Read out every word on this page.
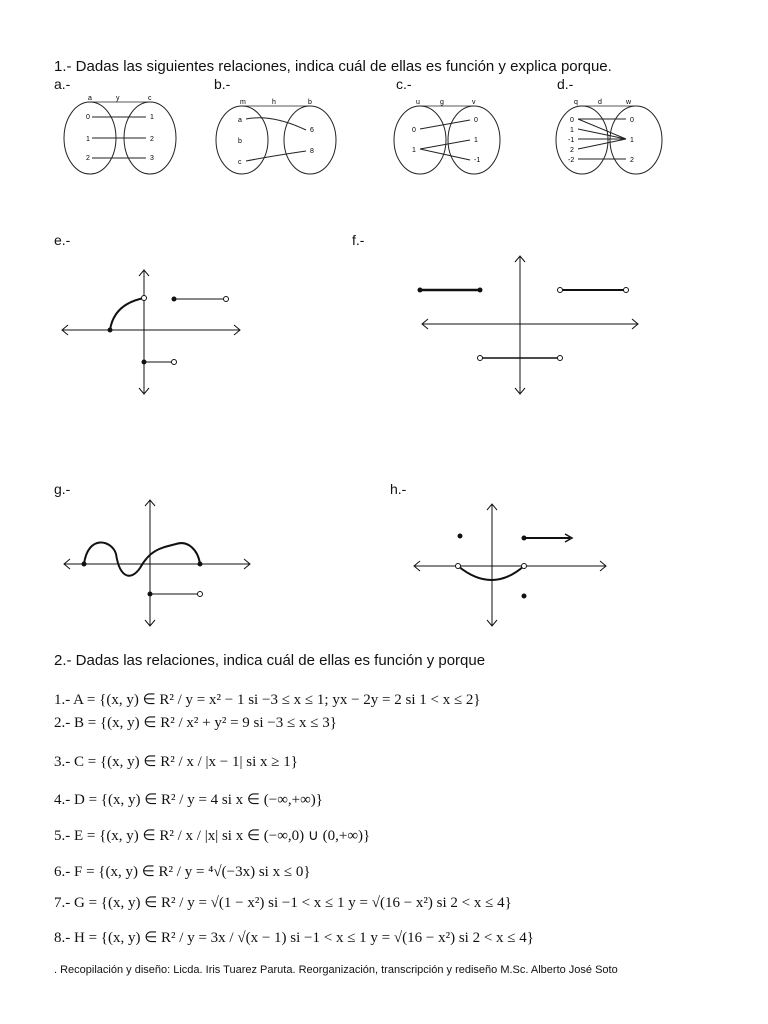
1.- Dadas las siguientes relaciones, indica cuál de ellas es función y explica porque.
a.-	b.-	c.-	d.-
a	y	c
0
1
2
1
2
3
m	h	b
a
b
c
6
8
u	g	v
0
1
0
1
-1
q	d	w
0
1
-1
2
-2
0
1
2
e.-	f.-
g.-	h.-
2.- Dadas las relaciones, indica cuál de ellas es función y porque
1.- A = {(x, y) ∈ R² / y = x² − 1 si −3 ≤ x ≤ 1; yx − 2y = 2 si 1 < x ≤ 2}
2.- B = {(x, y) ∈ R² / x² + y² = 9 si −3 ≤ x ≤ 3}
3.- C = {(x, y) ∈ R² / x / |x − 1| si x ≥ 1}
4.- D = {(x, y) ∈ R² / y = 4 si x ∈ (−∞,+∞)}
5.- E = {(x, y) ∈ R² / x / |x| si x ∈ (−∞,0) ∪ (0,+∞)}
6.- F = {(x, y) ∈ R² / y = ⁴√(−3x) si x ≤ 0}
7.- G = {(x, y) ∈ R² / y = √(1 − x²) si −1 < x ≤ 1 y = √(16 − x²) si 2 < x ≤ 4}
8.- H = {(x, y) ∈ R² / y = 3x / √(x − 1) si −1 < x ≤ 1 y = √(16 − x²) si 2 < x ≤ 4}
. Recopilación y diseño: Licda. Iris Tuarez Paruta. Reorganización, transcripción y rediseño M.Sc. Alberto José Soto
